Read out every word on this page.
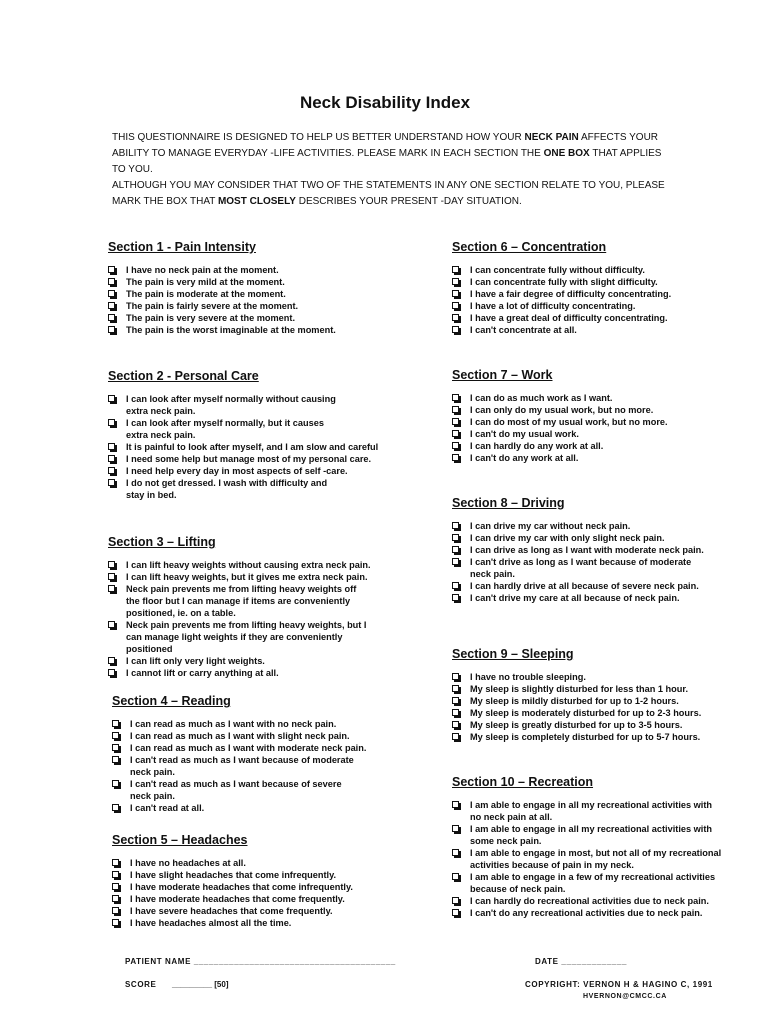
Neck Disability Index

THIS QUESTIONNAIRE IS DESIGNED TO HELP US BETTER UNDERSTAND HOW YOUR NECK PAIN AFFECTS YOUR ABILITY TO MANAGE EVERYDAY -LIFE ACTIVITIES. PLEASE MARK IN EACH SECTION THE ONE BOX THAT APPLIES TO YOU.

ALTHOUGH YOU MAY CONSIDER THAT TWO OF THE STATEMENTS IN ANY ONE SECTION RELATE TO YOU, PLEASE MARK THE BOX THAT MOST CLOSELY DESCRIBES YOUR PRESENT -DAY SITUATION.

Section 1 - Pain Intensity
I have no neck pain at the moment.
The pain is very mild at the moment.
The pain is moderate at the moment.
The pain is fairly severe at the moment.
The pain is very severe at the moment.
The pain is the worst imaginable at the moment.
Section 2 - Personal Care
I can look after myself normally without causing
extra neck pain.
I can look after myself normally, but it causes
extra neck pain.
It is painful to look after myself, and I am slow and careful
I need some help but manage most of my personal care.
I need help every day in most aspects of self -care.
I do not get dressed. I wash with difficulty and
stay in bed.
Section 3 – Lifting
I can lift heavy weights without causing extra neck pain.
I can lift heavy weights, but it gives me extra neck pain.
Neck pain prevents me from lifting heavy weights off
the floor but I can manage if items are conveniently
positioned, ie. on a table.
Neck pain prevents me from lifting heavy weights, but I
can manage light weights if they are conveniently
positioned
I can lift only very light weights.
I cannot lift or carry anything at all.
Section 4 – Reading
I can read as much as I want with no neck pain.
I can read as much as I want with slight neck pain.
I can read as much as I want with moderate neck pain.
I can't read as much as I want because of moderate
neck pain.
I can't read as much as I want because of severe
neck pain.
I can't read at all.
Section 5 – Headaches
I have no headaches at all.
I have slight headaches that come infrequently.
I have moderate headaches that come infrequently.
I have moderate headaches that come frequently.
I have severe headaches that come frequently.
I have headaches almost all the time.
Section 6 – Concentration
I can concentrate fully without difficulty.
I can concentrate fully with slight difficulty.
I have a fair degree of difficulty concentrating.
I have a lot of difficulty concentrating.
I have a great deal of difficulty concentrating.
I can't concentrate at all.
Section 7 – Work
I can do as much work as I want.
I can only do my usual work, but no more.
I can do most of my usual work, but no more.
I can't do my usual work.
I can hardly do any work at all.
I can't do any work at all.
Section 8 – Driving
I can drive my car without neck pain.
I can drive my car with only slight neck pain.
I can drive as long as I want with moderate neck pain.
I can't drive as long as I want because of moderate
neck pain.
I can hardly drive at all because of severe neck pain.
I can't drive my care at all because of neck pain.
Section 9 – Sleeping
I have no trouble sleeping.
My sleep is slightly disturbed for less than 1 hour.
My sleep is mildly disturbed for up to 1-2 hours.
My sleep is moderately disturbed for up to 2-3 hours.
My sleep is greatly disturbed for up to 3-5 hours.
My sleep is completely disturbed for up to 5-7 hours.
Section 10 – Recreation
I am able to engage in all my recreational activities with
no neck pain at all.
I am able to engage in all my recreational activities with
some neck pain.
I am able to engage in most, but not all of my recreational
activities because of pain in my neck.
I am able to engage in a few of my recreational activities
because of neck pain.
I can hardly do recreational activities due to neck pain.
I can't do any recreational activities due to neck pain.
PATIENT NAME ________________________________________	DATE _____________
SCORE _________ [50]	COPYRIGHT: VERNON H & HAGINO C, 1991
HVERNON@CMCC.CA
